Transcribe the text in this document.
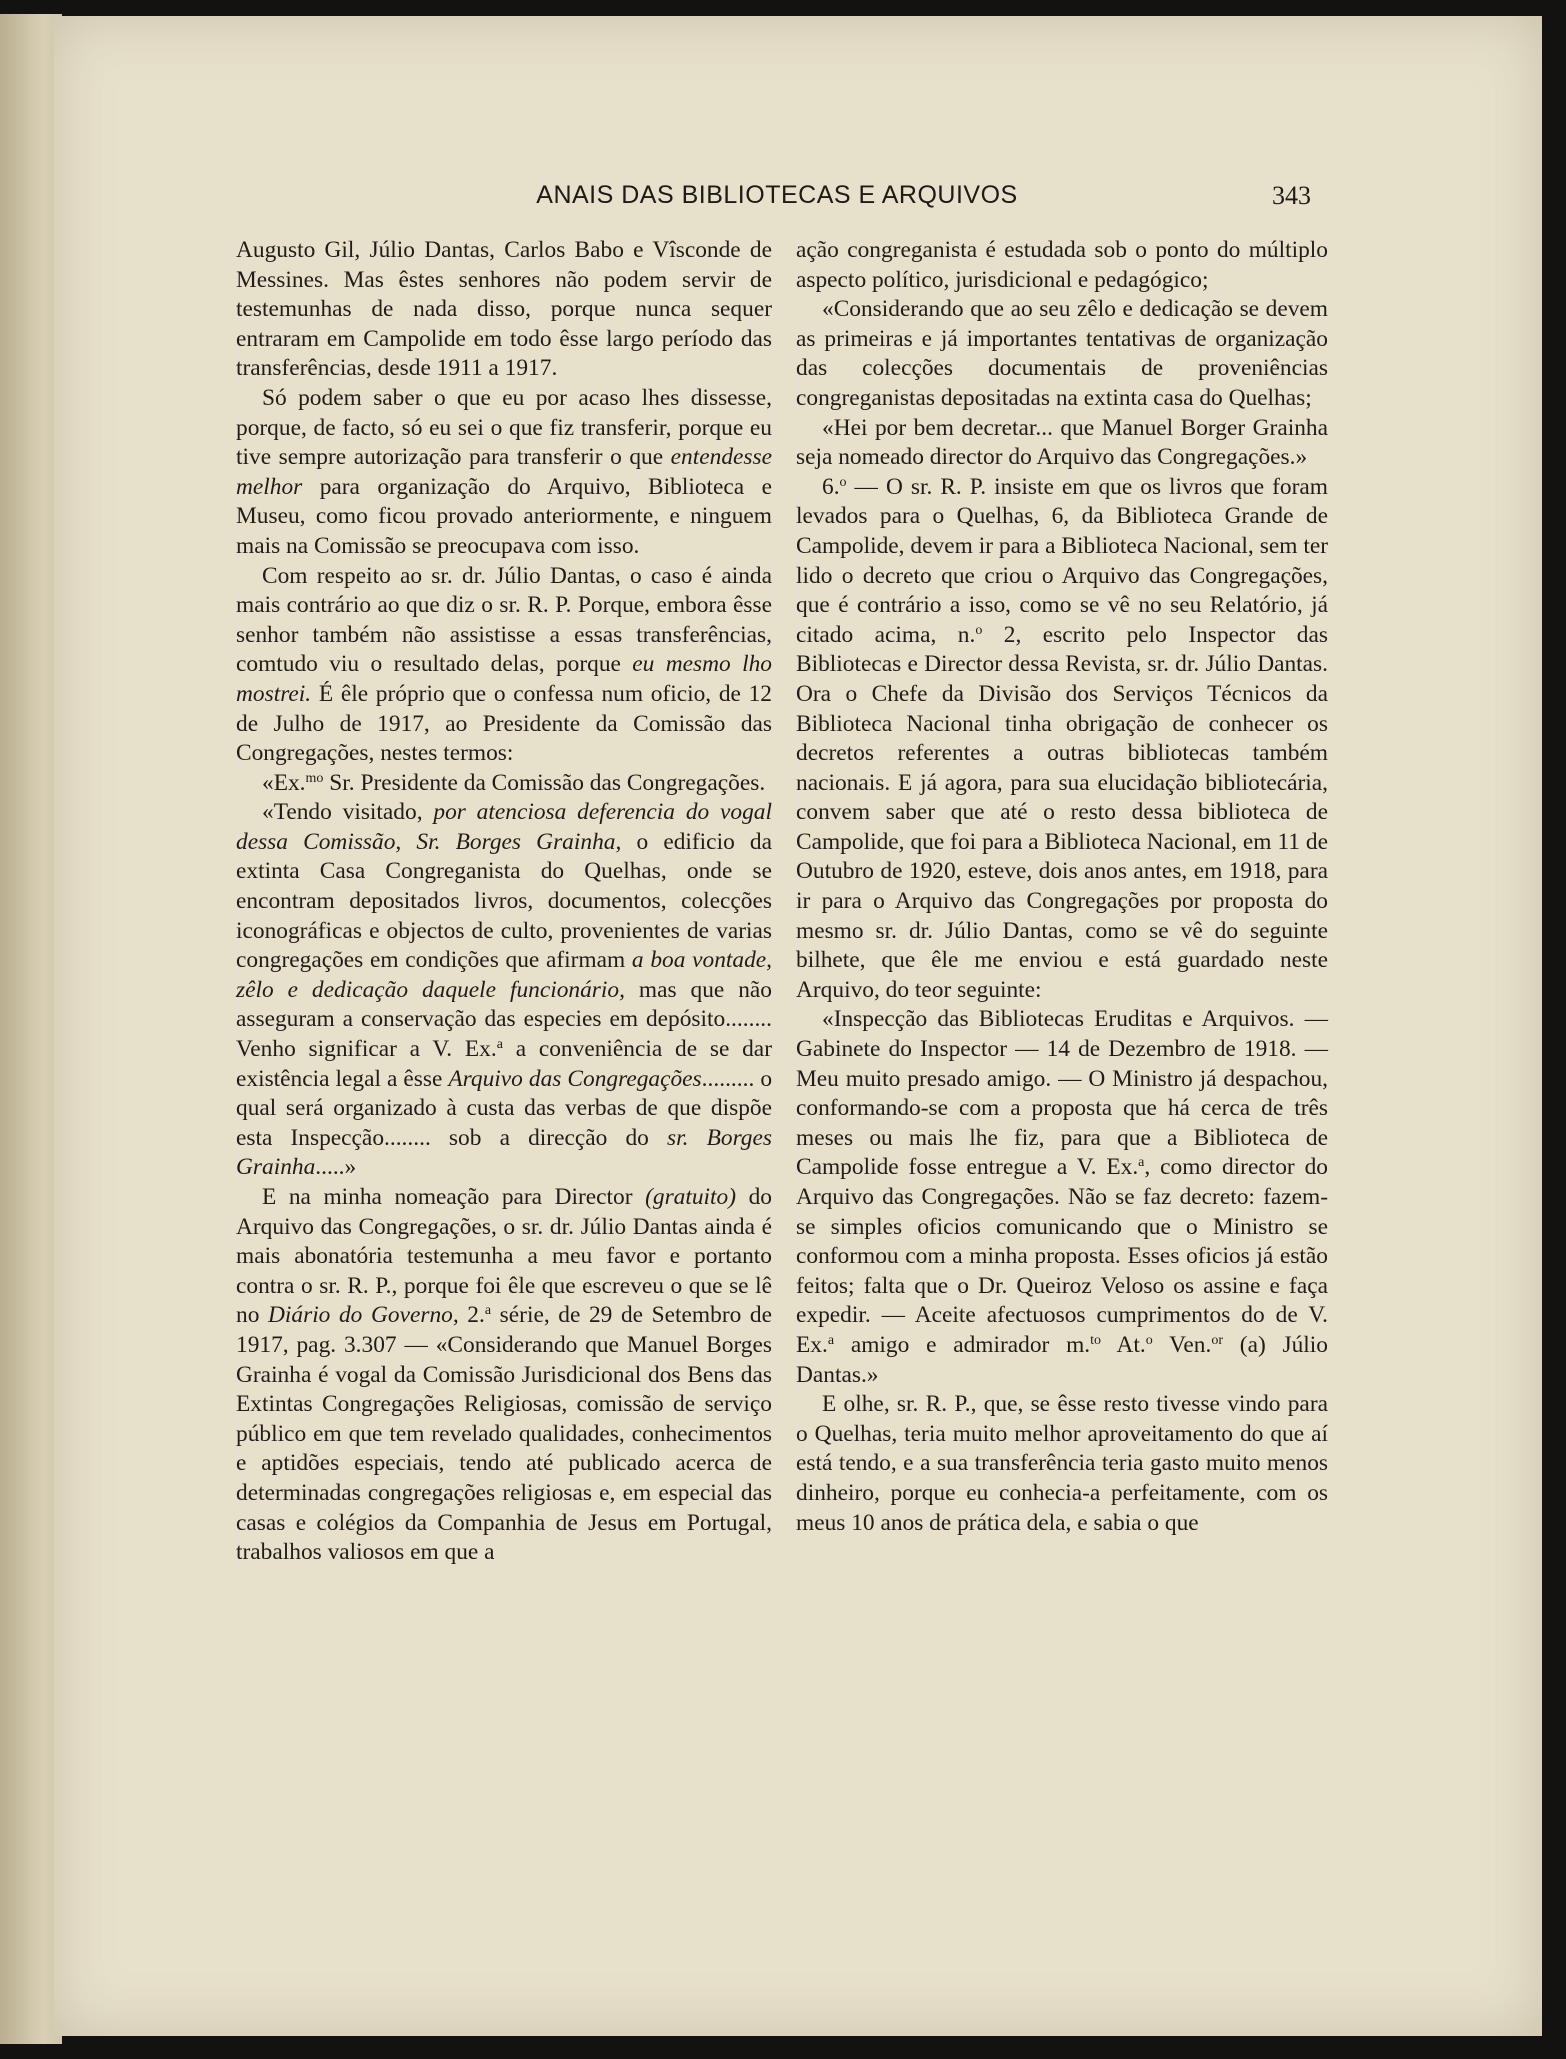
ANAIS DAS BIBLIOTECAS E ARQUIVOS	343

Augusto Gil, Júlio Dantas, Carlos Babo e Vîsconde de Messines. Mas êstes senhores não podem servir de testemunhas de nada disso, porque nunca sequer entraram em Campolide em todo êsse largo período das transferências, desde 1911 a 1917.

Só podem saber o que eu por acaso lhes dissesse, porque, de facto, só eu sei o que fiz transferir, porque eu tive sempre autorização para transferir o que entendesse melhor para organização do Arquivo, Biblioteca e Museu, como ficou provado anteriormente, e ninguem mais na Comissão se preocupava com isso.

Com respeito ao sr. dr. Júlio Dantas, o caso é ainda mais contrário ao que diz o sr. R. P. Porque, embora êsse senhor também não assistisse a essas transferências, comtudo viu o resultado delas, porque eu mesmo lho mostrei. É êle próprio que o confessa num oficio, de 12 de Julho de 1917, ao Presidente da Comissão das Congregações, nestes termos:

«Ex.$^{mo}$ Sr. Presidente da Comissão das Congregações.

«Tendo visitado, por atenciosa deferencia do vogal dessa Comissão, Sr. Borges Grainha, o edificio da extinta Casa Congreganista do Quelhas, onde se encontram depositados livros, documentos, colecções iconográficas e objectos de culto, provenientes de varias congregações em condições que afirmam a boa vontade, zêlo e dedicação daquele funcionário, mas que não asseguram a conservação das especies em depósito........ Venho significar a V. Ex.$^a$ a conveniência de se dar existência legal a êsse Arquivo das Congregações......... o qual será organizado à custa das verbas de que dispõe esta Inspecção........ sob a direcção do sr. Borges Grainha.....»

E na minha nomeação para Director (gratuito) do Arquivo das Congregações, o sr. dr. Júlio Dantas ainda é mais abonatória testemunha a meu favor e portanto contra o sr. R. P., porque foi êle que escreveu o que se lê no Diário do Governo, 2.$^a$ série, de 29 de Setembro de 1917, pag. 3.307 — «Considerando que Manuel Borges Grainha é vogal da Comissão Jurisdicional dos Bens das Extintas Congregações Religiosas, comissão de serviço público em que tem revelado qualidades, conhecimentos e aptidões especiais, tendo até publicado acerca de determinadas congregações religiosas e, em especial das casas e colégios da Companhia de Jesus em Portugal, trabalhos valiosos em que a

ação congreganista é estudada sob o ponto do múltiplo aspecto político, jurisdicional e pedagógico;

«Considerando que ao seu zêlo e dedicação se devem as primeiras e já importantes tentativas de organização das colecções documentais de proveniências congreganistas depositadas na extinta casa do Quelhas;

«Hei por bem decretar... que Manuel Borger Grainha seja nomeado director do Arquivo das Congregações.»

6.$^o$ — O sr. R. P. insiste em que os livros que foram levados para o Quelhas, 6, da Biblioteca Grande de Campolide, devem ir para a Biblioteca Nacional, sem ter lido o decreto que criou o Arquivo das Congregações, que é contrário a isso, como se vê no seu Relatório, já citado acima, n.$^o$ 2, escrito pelo Inspector das Bibliotecas e Director dessa Revista, sr. dr. Júlio Dantas. Ora o Chefe da Divisão dos Serviços Técnicos da Biblioteca Nacional tinha obrigação de conhecer os decretos referentes a outras bibliotecas também nacionais. E já agora, para sua elucidação bibliotecária, convem saber que até o resto dessa biblioteca de Campolide, que foi para a Biblioteca Nacional, em 11 de Outubro de 1920, esteve, dois anos antes, em 1918, para ir para o Arquivo das Congregações por proposta do mesmo sr. dr. Júlio Dantas, como se vê do seguinte bilhete, que êle me enviou e está guardado neste Arquivo, do teor seguinte:

«Inspecção das Bibliotecas Eruditas e Arquivos. — Gabinete do Inspector — 14 de Dezembro de 1918. — Meu muito presado amigo. — O Ministro já despachou, conformando-se com a proposta que há cerca de três meses ou mais lhe fiz, para que a Biblioteca de Campolide fosse entregue a V. Ex.$^a$, como director do Arquivo das Congregações. Não se faz decreto: fazem-se simples oficios comunicando que o Ministro se conformou com a minha proposta. Esses oficios já estão feitos; falta que o Dr. Queiroz Veloso os assine e faça expedir. — Aceite afectuosos cumprimentos do de V. Ex.$^a$ amigo e admirador m.$^{to}$ At.$^o$ Ven.$^{or}$ (a) Júlio Dantas.»

E olhe, sr. R. P., que, se êsse resto tivesse vindo para o Quelhas, teria muito melhor aproveitamento do que aí está tendo, e a sua transferência teria gasto muito menos dinheiro, porque eu conhecia-a perfeitamente, com os meus 10 anos de prática dela, e sabia o que
